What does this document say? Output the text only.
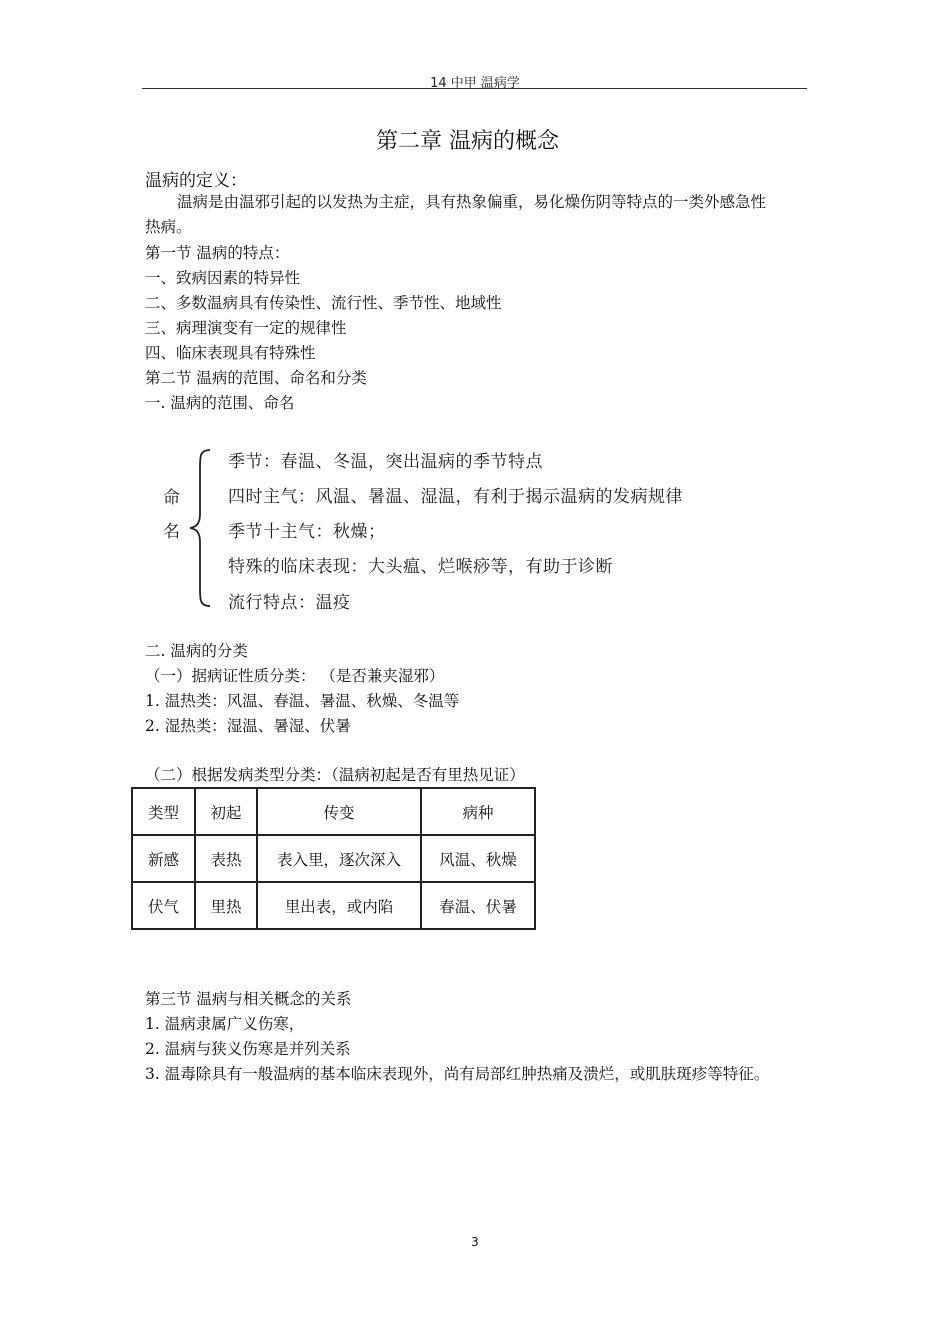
14 中甲 温病学
第二章 温病的概念
温病的定义：
温病是由温邪引起的以发热为主症，具有热象偏重，易化燥伤阴等特点的一类外感急性
热病。
第一节 温病的特点：
一、致病因素的特异性
二、多数温病具有传染性、流行性、季节性、地域性
三、病理演变有一定的规律性
四、临床表现具有特殊性
第二节 温病的范围、命名和分类
一. 温病的范围、命名
命
名
季节：春温、冬温，突出温病的季节特点
四时主气：风温、暑温、湿温，有利于揭示温病的发病规律
季节十主气：秋燥；
特殊的临床表现：大头瘟、烂喉痧等，有助于诊断
流行特点：温疫
二. 温病的分类
（一）据病证性质分类： （是否兼夹湿邪）
1. 温热类：风温、春温、暑温、秋燥、冬温等
2. 湿热类：湿温、暑湿、伏暑
（二）根据发病类型分类：（温病初起是否有里热见证）
类型	初起	传变	病种
新感	表热	表入里，逐次深入	风温、秋燥
伏气	里热	里出表，或内陷	春温、伏暑
第三节 温病与相关概念的关系
1. 温病隶属广义伤寒，
2. 温病与狭义伤寒是并列关系
3. 温毒除具有一般温病的基本临床表现外，尚有局部红肿热痛及溃烂，或肌肤斑疹等特征。
3
